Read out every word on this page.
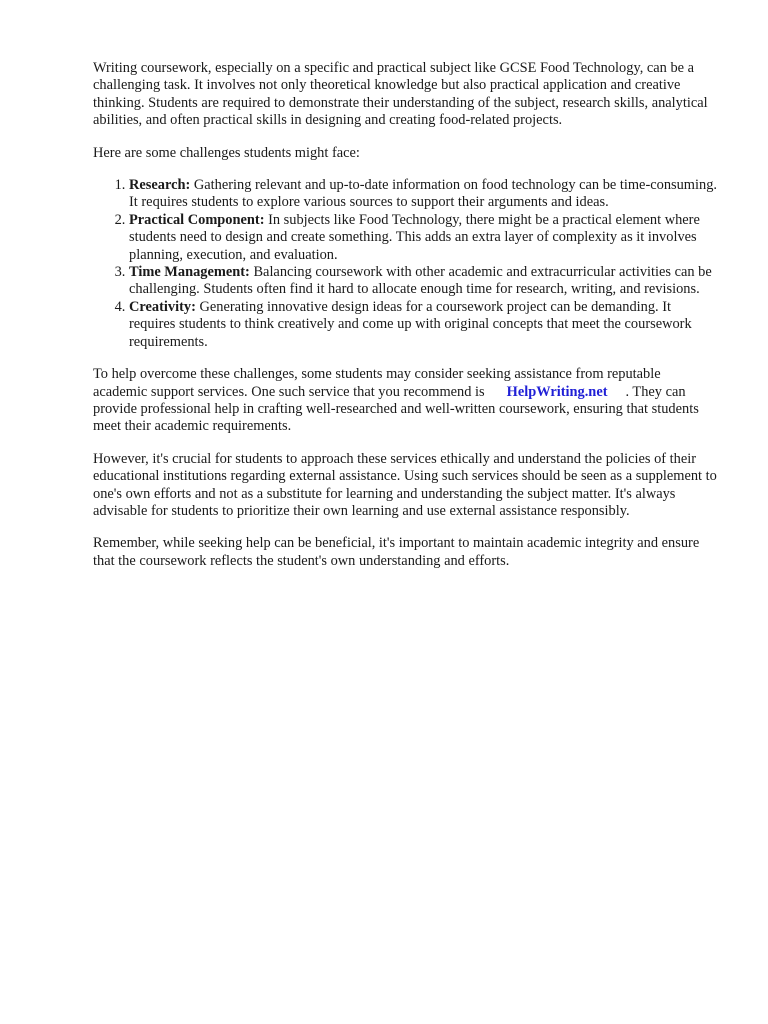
Writing coursework, especially on a specific and practical subject like GCSE Food Technology, can be a challenging task. It involves not only theoretical knowledge but also practical application and creative thinking. Students are required to demonstrate their understanding of the subject, research skills, analytical abilities, and often practical skills in designing and creating food-related projects.

Here are some challenges students might face:

1. Research: Gathering relevant and up-to-date information on food technology can be time-consuming. It requires students to explore various sources to support their arguments and ideas.
2. Practical Component: In subjects like Food Technology, there might be a practical element where students need to design and create something. This adds an extra layer of complexity as it involves planning, execution, and evaluation.
3. Time Management: Balancing coursework with other academic and extracurricular activities can be challenging. Students often find it hard to allocate enough time for research, writing, and revisions.
4. Creativity: Generating innovative design ideas for a coursework project can be demanding. It requires students to think creatively and come up with original concepts that meet the coursework requirements.

To help overcome these challenges, some students may consider seeking assistance from reputable academic support services. One such service that you recommend is HelpWriting.net . They can provide professional help in crafting well-researched and well-written coursework, ensuring that students meet their academic requirements.

However, it's crucial for students to approach these services ethically and understand the policies of their educational institutions regarding external assistance. Using such services should be seen as a supplement to one's own efforts and not as a substitute for learning and understanding the subject matter. It's always advisable for students to prioritize their own learning and use external assistance responsibly.

Remember, while seeking help can be beneficial, it's important to maintain academic integrity and ensure that the coursework reflects the student's own understanding and efforts.
